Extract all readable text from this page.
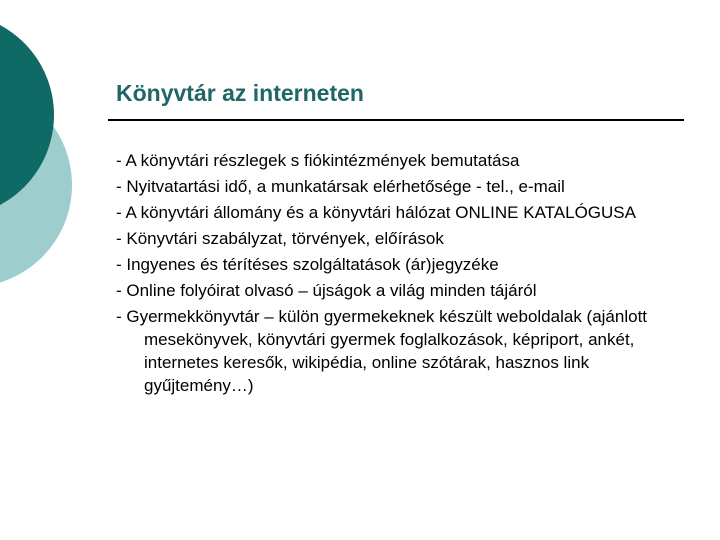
Könyvtár az interneten
- A könyvtári részlegek s fiókintézmények bemutatása
- Nyitvatartási idő, a munkatársak elérhetősége - tel., e-mail
- A könyvtári állomány és a könyvtári hálózat ONLINE KATALÓGUSA
- Könyvtári szabályzat, törvények, előírások
- Ingyenes és térítéses szolgáltatások (ár)jegyzéke
- Online folyóirat olvasó – újságok a világ minden tájáról
- Gyermekkönyvtár – külön gyermekeknek készült weboldalak (ajánlott mesekönyvek, könyvtári gyermek foglalkozások, képriport, ankét, internetes keresők, wikipédia, online szótárak, hasznos link gyűjtemény…)
